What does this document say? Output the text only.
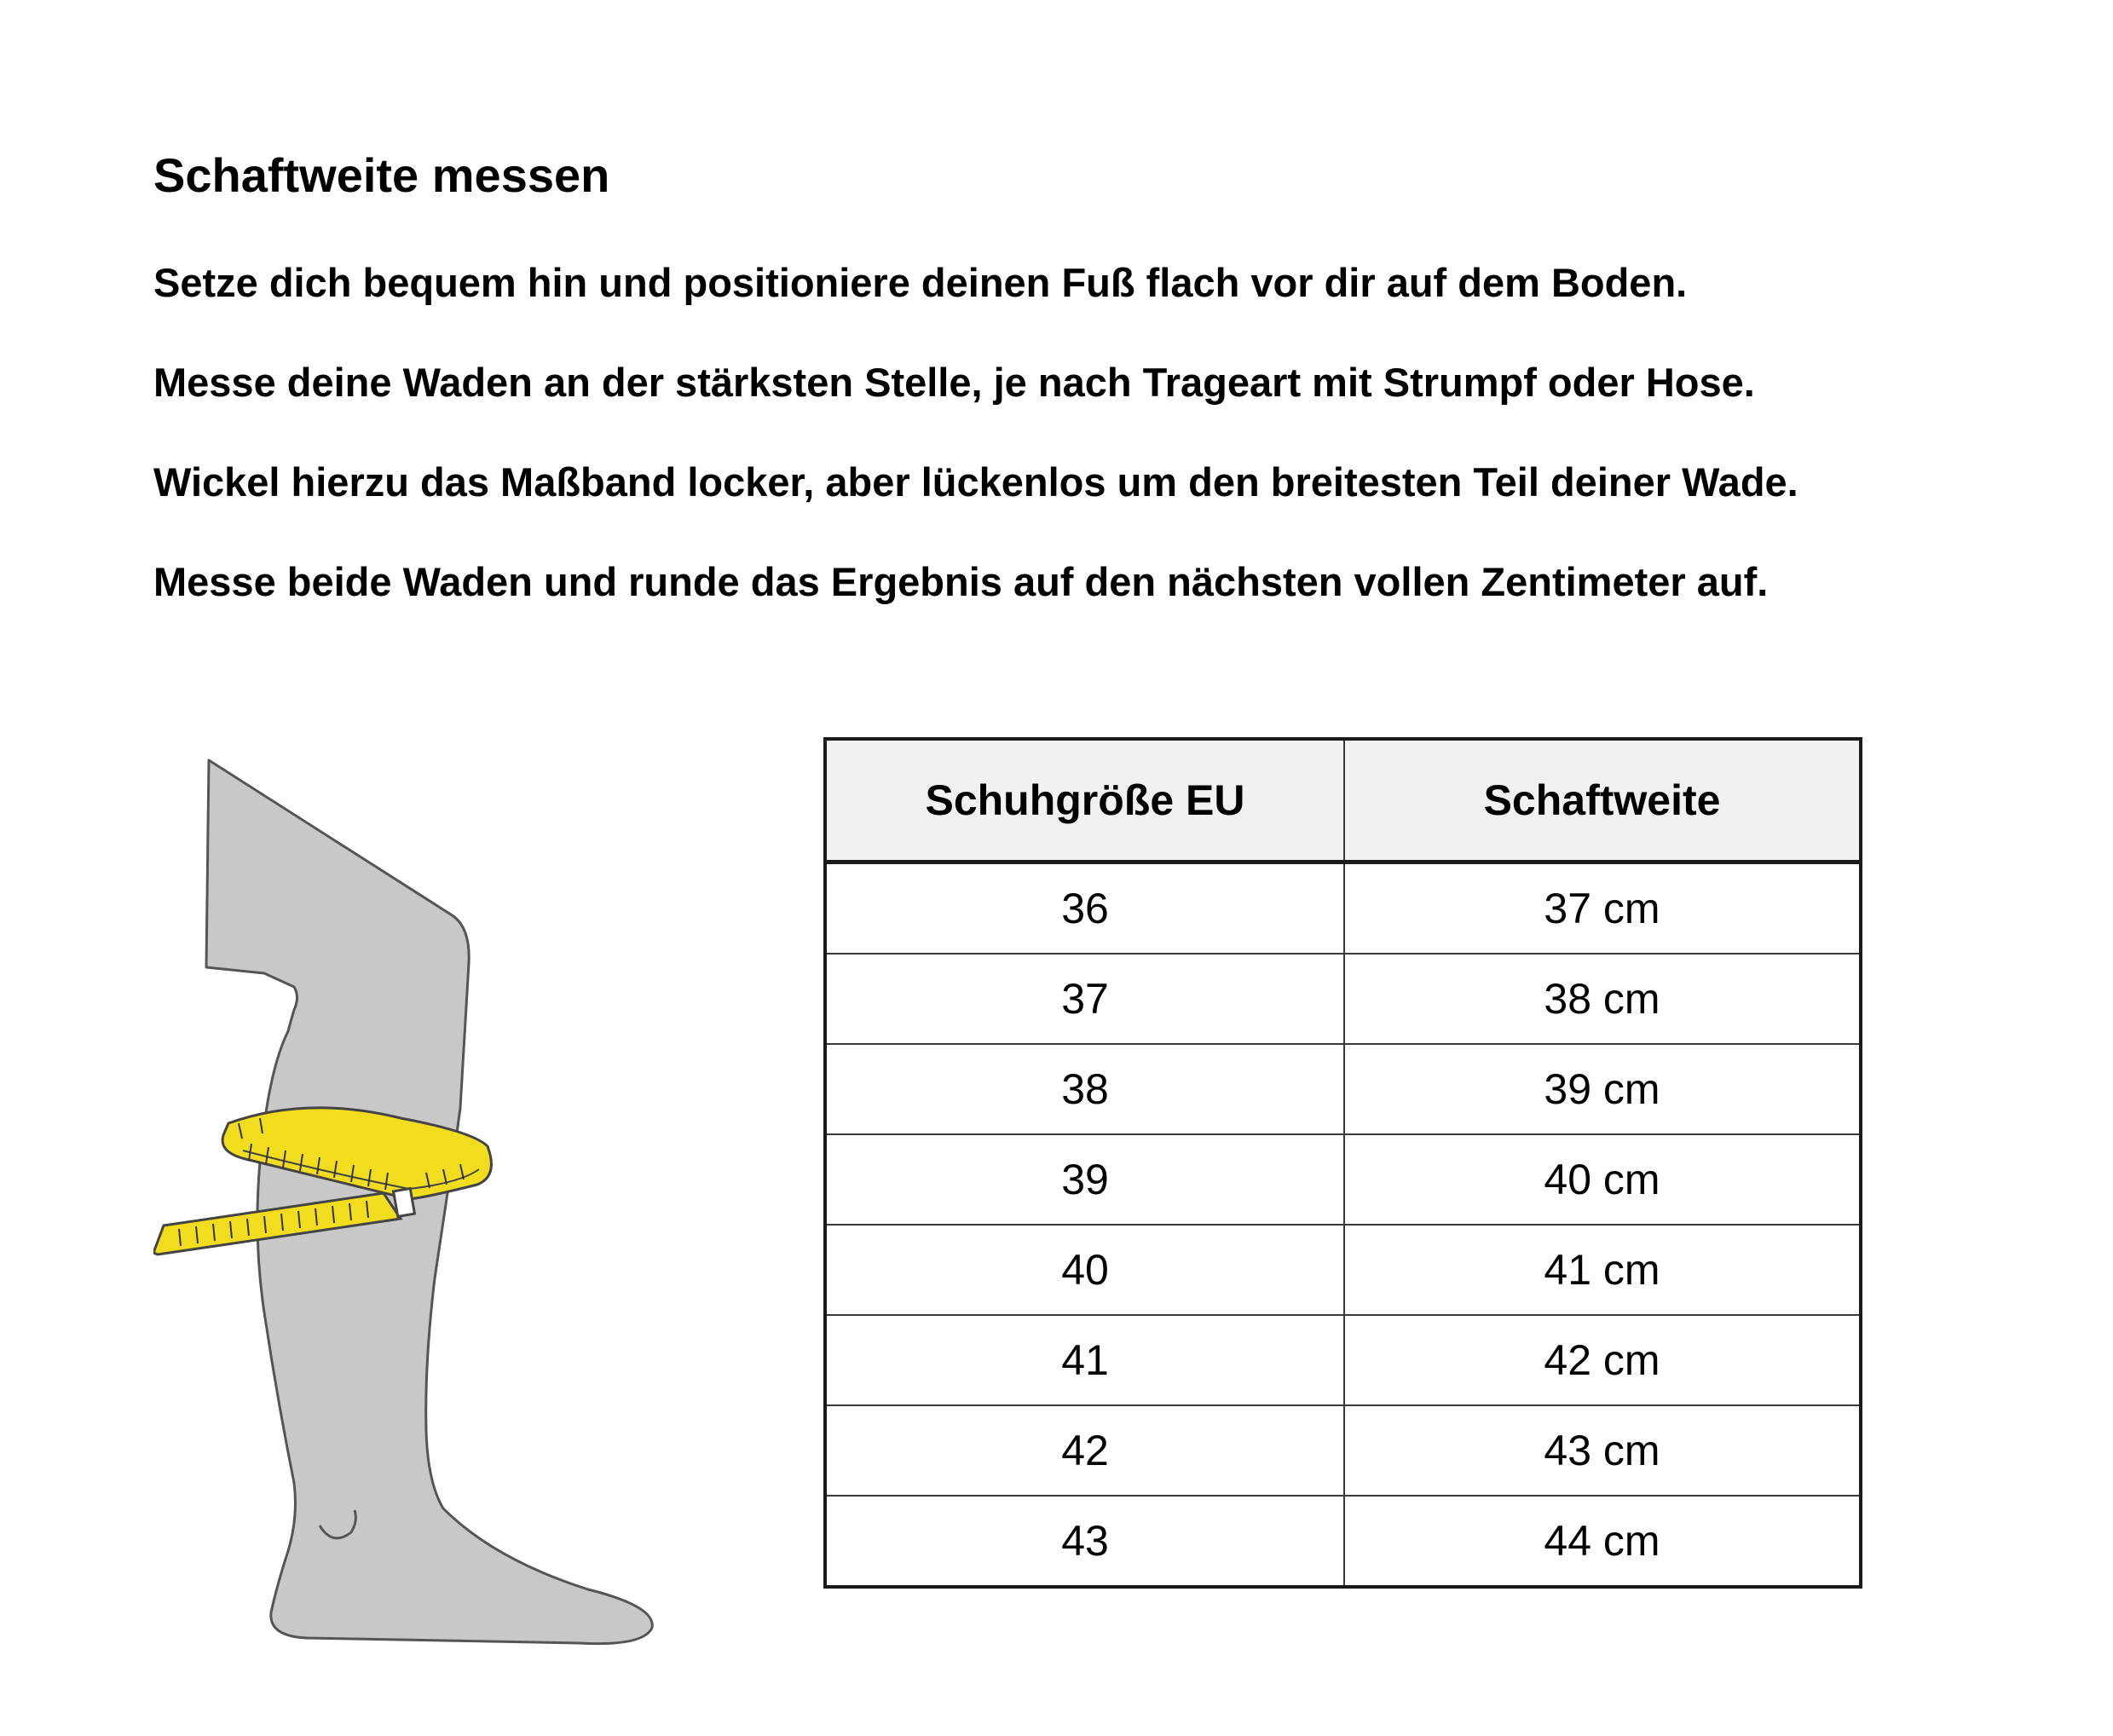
Schaftweite messen
Setze dich bequem hin und positioniere deinen Fuß flach vor dir auf dem Boden.
Messe deine Waden an der stärksten Stelle, je nach Trageart mit Strumpf oder Hose.
Wickel hierzu das Maßband locker, aber lückenlos um den breitesten Teil deiner Wade.
Messe beide Waden und runde das Ergebnis auf den nächsten vollen Zentimeter auf.
Schuhgröße EU	Schaftweite
36	37 cm
37	38 cm
38	39 cm
39	40 cm
40	41 cm
41	42 cm
42	43 cm
43	44 cm
